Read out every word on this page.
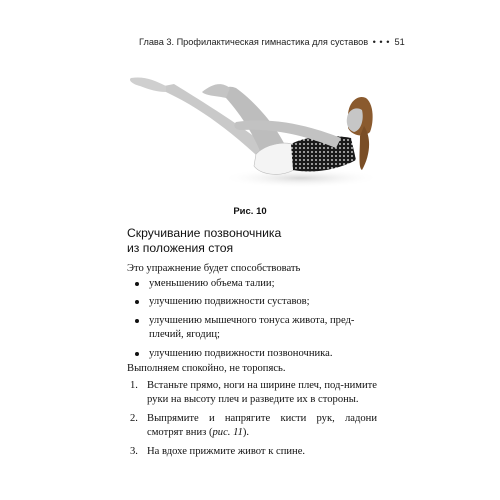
Глава 3. Профилактическая гимнастика для суставов • • • 51
Рис. 10
Скручивание позвоночника
из положения стоя

Это упражнение будет способствовать

уменьшению объема талии;
улучшению подвижности суставов;
улучшению мышечного тонуса живота, пред-плечий, ягодиц;
улучшению подвижности позвоночника.

Выполняем спокойно, не торопясь.

1. Встаньте прямо, ноги на ширине плеч, под-нимите руки на высоту плеч и разведите их в стороны.
2. Выпрямите и напрягите кисти рук, ладони смотрят вниз (рис. 11).
3. На вдохе прижмите живот к спине.
